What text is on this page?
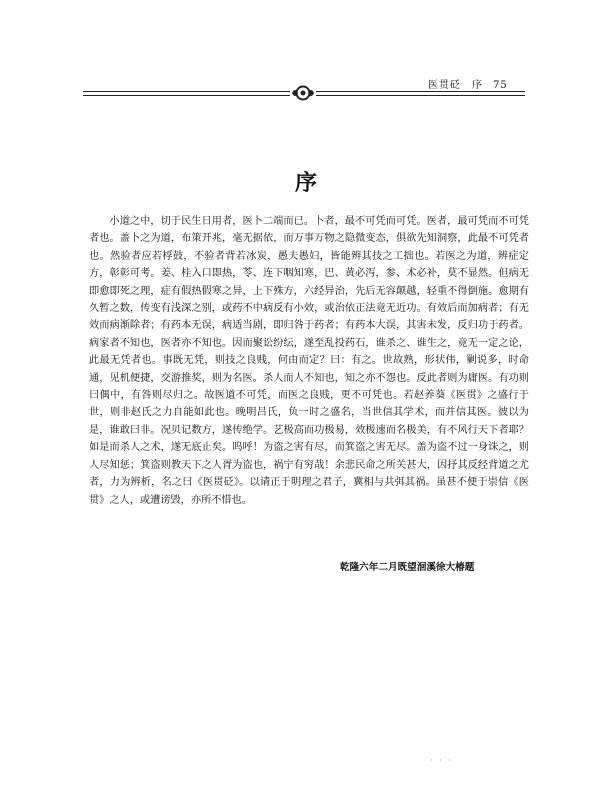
医贯砭　序 75
序

小道之中，切于民生日用者，医卜二端而已。卜者，最不可凭而可凭。医者，最可凭而不可凭者也。盖卜之为道，布策开兆，毫无据依，而万事万物之隐微变态，俱欲先知洞察，此最不可凭者也。然验者应若桴鼓，不验者背若冰炭，愚夫愚妇，皆能辨其技之工拙也。若医之为道，辨症定方，彰彰可考。姜、桂入口即热，苓、连下咽知寒，巴、黄必泻，参、术必补，莫不显然。但病无即愈即死之理，症有假热假寒之异，上下殊方，六经异治，先后无容颠越，轻重不得倒施。愈期有久暂之数，传变有浅深之别，或药不中病反有小效，或治依正法竟无近功。有效后而加病者；有无效而病渐除者；有药本无误，病适当剧，即归咎于药者；有药本大误，其害未发，反归功于药者。病家者不知也，医者亦不知也。因而聚讼纷纭，遂至乱投药石，谁杀之、谁生之，竟无一定之论，此最无凭者也。事既无凭，则技之良贱，何由而定？曰：有之。世故熟，形状伟，剿说多，时命通，见机便捷，交游推奖，则为名医。杀人而人不知也，知之亦不怨也。反此者则为庸医。有功则曰偶中，有咎则尽归之。故医道不可凭，而医之良贱，更不可凭也。若赵养葵《医贯》之盛行于世，则非赵氏之力自能如此也。晚明吕氏，负一时之盛名，当世信其学术，而并信其医。彼以为是，谁敢曰非。况贝记数方，遂传绝学。艺极高而功极易，效极速而名极美，有不风行天下者耶？如是而杀人之术，遂无底止矣。呜呼！为盗之害有尽，而箕盗之害无尽。盖为盗不过一身诛之，则人尽知惩；箕盗则教天下之人胥为盗也，祸宁有穷哉！余悲民命之所关甚大，因抒其反经背道之尤者，力为辨析，名之曰《医贯砭》。以请正于明理之君子，冀相与共弭其祸。虽甚不便于崇信《医贯》之人，或遭谤毁，亦所不惜也。

乾隆六年二月既望洄溪徐大椿题
· · ·
